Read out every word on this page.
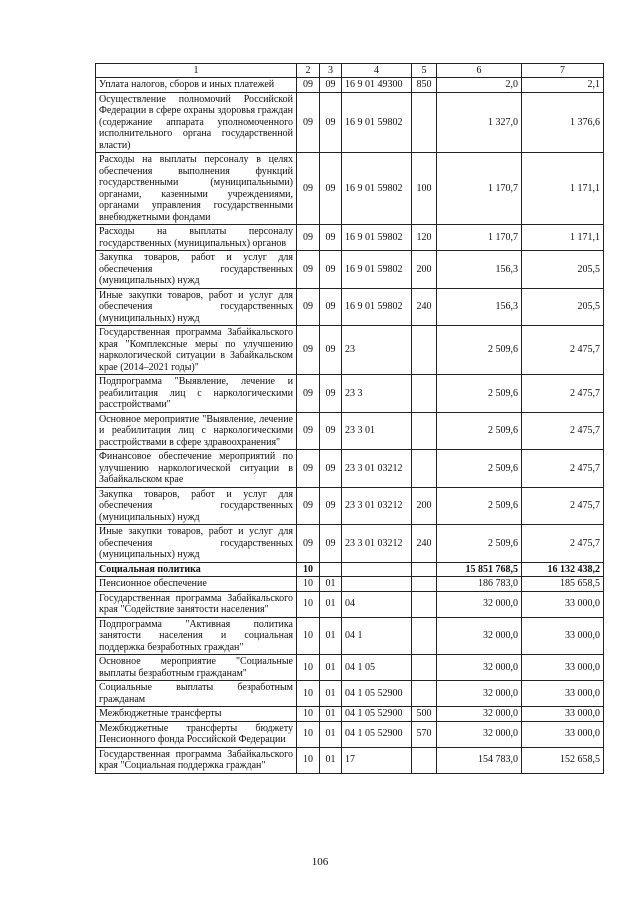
1	2	3	4	5	6	7
Уплата налогов, сборов и иных платежей	09	09	16 9 01 49300	850	2,0	2,1
Осуществление полномочий Российской Федерации в сфере охраны здоровья граждан (содержание аппарата уполномоченного исполнительного органа государственной власти)	09	09	16 9 01 59802		1 327,0	1 376,6
Расходы на выплаты персоналу в целях обеспечения выполнения функций государственными (муниципальными) органами, казенными учреждениями, органами управления государственными внебюджетными фондами	09	09	16 9 01 59802	100	1 170,7	1 171,1
Расходы на выплаты персоналу государственных (муниципальных) органов	09	09	16 9 01 59802	120	1 170,7	1 171,1
Закупка товаров, работ и услуг для обеспечения государственных (муниципальных) нужд	09	09	16 9 01 59802	200	156,3	205,5
Иные закупки товаров, работ и услуг для обеспечения государственных (муниципальных) нужд	09	09	16 9 01 59802	240	156,3	205,5
Государственная программа Забайкальского края "Комплексные меры по улучшению наркологической ситуации в Забайкальском крае (2014–2021 годы)"	09	09	23		2 509,6	2 475,7
Подпрограмма "Выявление, лечение и реабилитация лиц с наркологическими расстройствами"	09	09	23 3		2 509,6	2 475,7
Основное мероприятие "Выявление, лечение и реабилитация лиц с наркологическими расстройствами в сфере здравоохранения"	09	09	23 3 01		2 509,6	2 475,7
Финансовое обеспечение мероприятий по улучшению наркологической ситуации в Забайкальском крае	09	09	23 3 01 03212		2 509,6	2 475,7
Закупка товаров, работ и услуг для обеспечения государственных (муниципальных) нужд	09	09	23 3 01 03212	200	2 509,6	2 475,7
Иные закупки товаров, работ и услуг для обеспечения государственных (муниципальных) нужд	09	09	23 3 01 03212	240	2 509,6	2 475,7
Социальная политика	10				15 851 768,5	16 132 438,2
Пенсионное обеспечение	10	01			186 783,0	185 658,5
Государственная программа Забайкальского края "Содействие занятости населения"	10	01	04		32 000,0	33 000,0
Подпрограмма "Активная политика занятости населения и социальная поддержка безработных граждан"	10	01	04 1		32 000,0	33 000,0
Основное мероприятие "Социальные выплаты безработным гражданам"	10	01	04 1 05		32 000,0	33 000,0
Социальные выплаты безработным гражданам	10	01	04 1 05 52900		32 000,0	33 000,0
Межбюджетные трансферты	10	01	04 1 05 52900	500	32 000,0	33 000,0
Межбюджетные трансферты бюджету Пенсионного фонда Российской Федерации	10	01	04 1 05 52900	570	32 000,0	33 000,0
Государственная программа Забайкальского края "Социальная поддержка граждан"	10	01	17		154 783,0	152 658,5
106
